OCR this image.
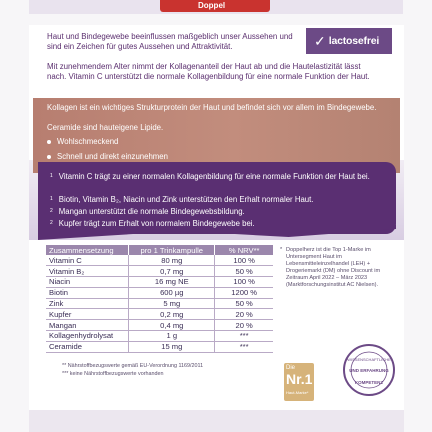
Doppel

Haut und Bindegewebe beeinflussen maßgeblich unser Aussehen und sind ein Zeichen für gutes Aussehen und Attraktivität.

Mit zunehmendem Alter nimmt der Kollagenanteil der Haut ab und die Hautelastizität lässt nach. Vitamin C unterstützt die normale Kollagenbildung für eine normale Funktion der Haut.

✓ lactosefrei

Kollagen ist ein wichtiges Strukturprotein der Haut und befindet sich vor allem im Bindegewebe.

Ceramide sind hauteigene Lipide.

Wohlschmeckend
Schnell und direkt einzunehmen
1 Vitamin C trägt zu einer normalen Kollagenbildung für eine normale Funktion der Haut bei.
1 Biotin, Vitamin B₂, Niacin und Zink unterstützen den Erhalt normaler Haut.
2 Mangan unterstützt die normale Bindegewebsbildung.
2 Kupfer trägt zum Erhalt von normalem Bindegewebe bei.
Zusammensetzung	pro 1 Trinkampulle	% NRV**
Vitamin C	80 mg	100 %
Vitamin B₂	0,7 mg	50 %
Niacin	16 mg NE	100 %
Biotin	600 µg	1200 %
Zink	5 mg	50 %
Kupfer	0,2 mg	20 %
Mangan	0,4 mg	20 %
Kollagenhydrolysat	1 g	***
Ceramide	15 mg	***

** Nährstoffbezugswerte gemäß EU-Verordnung 1169/2011

*** keine Nährstoffbezugswerte vorhanden

* Doppelherz ist die Top 1-Marke im Untersegment Haut im Lebensmitteleinzelhandel (LEH) + Drogeriemarkt (DM) ohne Discount im Zeitraum April 2022 – März 2023 (Marktforschungsinstitut AC Nielsen).
Die
Nr.1
Haut-Marke*
WISSENSCHAFTLICHE
UND ERFAHRUNG
KOMPETENZ
